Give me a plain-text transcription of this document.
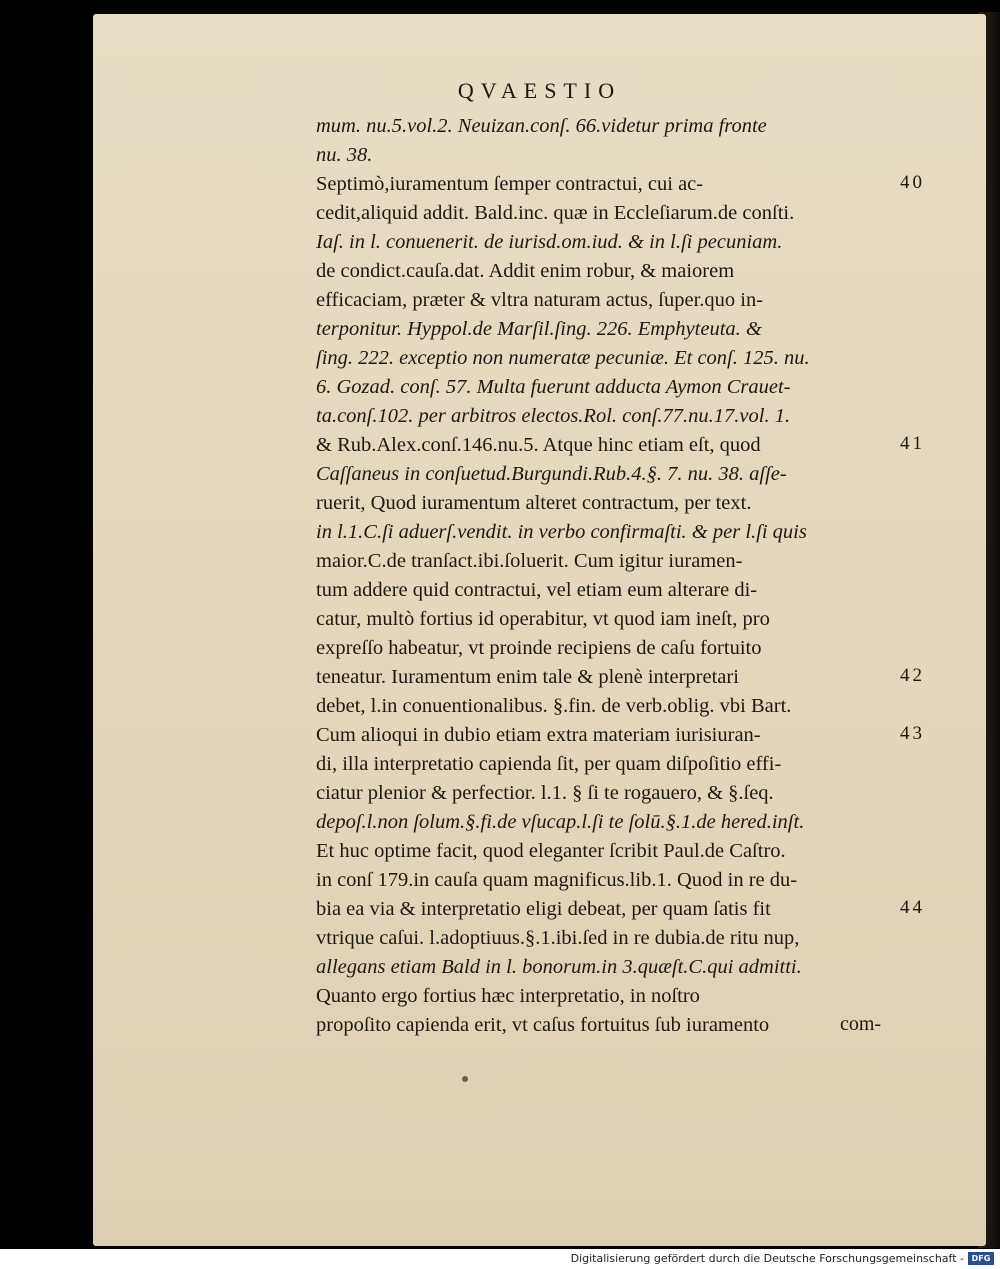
QVAESTIO
mum. nu.5.vol.2. Neuizan.conſ. 66.videtur prima fronte
nu. 38.
Septimò,iuramentum ſemper contractui, cui ac-
cedit,aliquid addit. Bald.inc. quæ in Eccleſiarum.de conſti.
Iaſ. in l. conuenerit. de iurisd.om.iud. & in l.ſi pecuniam.
de condict.cauſa.dat. Addit enim robur, & maiorem
efficaciam, præter & vltra naturam actus, ſuper.quo in-
terponitur. Hyppol.de Marſil.ſing. 226. Emphyteuta. &
ſing. 222. exceptio non numeratæ pecuniæ. Et conſ. 125. nu.
6. Gozad. conſ. 57. Multa fuerunt adducta Aymon Crauet-
ta.conſ.102. per arbitros electos.Rol. conſ.77.nu.17.vol. 1.
& Rub.Alex.conſ.146.nu.5. Atque hinc etiam eſt, quod
Caſſaneus in conſuetud.Burgundi.Rub.4.§. 7. nu. 38. aſſe-
ruerit, Quod iuramentum alteret contractum, per text.
in l.1.C.ſi aduerſ.vendit. in verbo confirmaſti. & per l.ſi quis
maior.C.de tranſact.ibi.ſoluerit. Cum igitur iuramen-
tum addere quid contractui, vel etiam eum alterare di-
catur, multò fortius id operabitur, vt quod iam ineſt, pro
expreſſo habeatur, vt proinde recipiens de caſu fortuito
teneatur. Iuramentum enim tale & plenè interpretari
debet, l.in conuentionalibus. §.fin. de verb.oblig. vbi Bart.
Cum alioqui in dubio etiam extra materiam iurisiuran-
di, illa interpretatio capienda ſit, per quam diſpoſitio effi-
ciatur plenior & perfectior. l.1. § ſi te rogauero, & §.ſeq.
depoſ.l.non ſolum.§.fi.de vſucap.l.ſi te ſolū.§.1.de hered.inſt.
Et huc optime facit, quod eleganter ſcribit Paul.de Caſtro.
in conſ 179.in cauſa quam magnificus.lib.1. Quod in re du-
bia ea via & interpretatio eligi debeat, per quam ſatis fit
vtrique caſui. l.adoptiuus.§.1.ibi.ſed in re dubia.de ritu nup,
allegans etiam Bald in l. bonorum.in 3.quæſt.C.qui admitti.
Quanto ergo fortius hæc interpretatio, in noſtro
propoſito capienda erit, vt caſus fortuitus ſub iuramento
40
41
42
43
44
com-
Digitalisierung gefördert durch die Deutsche Forschungsgemeinschaft - DFG
